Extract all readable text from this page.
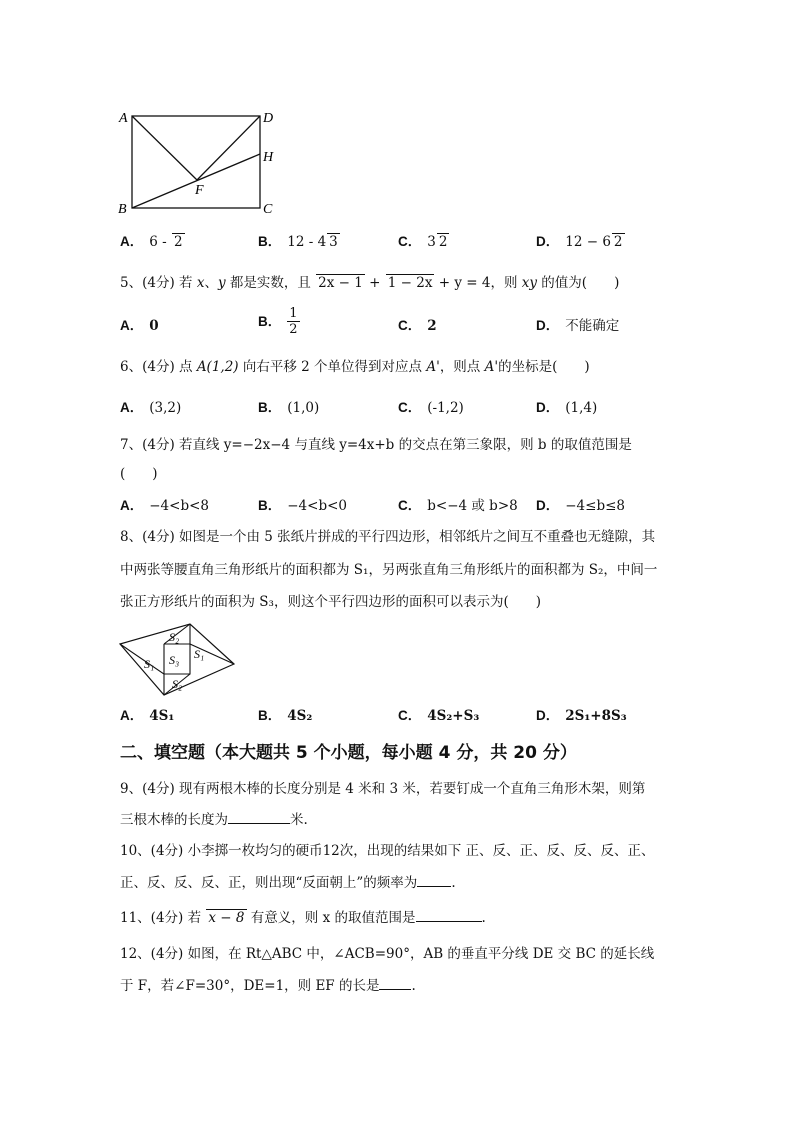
A	D
H
F
B	C
A． 6 - 2	B． 12 - 4 3	C． 3 2	D． 12 − 6 2
5、(4分) 若 x、y 都是实数，且 2x − 1 + 1 − 2x + y = 4，则 xy 的值为(　　)
A． 0	B． $\frac{1}{2}$	C． 2	D． 不能确定
6、(4分) 点 A(1,2) 向右平移 2 个单位得到对应点 A'，则点 A'的坐标是(　　)
A． (3,2)	B． (1,0)	C． (-1,2)	D． (1,4)
7、(4分) 若直线 y=−2x−4 与直线 y=4x+b 的交点在第三象限，则 b 的取值范围是
(　　)
A． −4<b<8	B． −4<b<0	C． b<−4 或 b>8 D． −4≤b≤8
8、(4分) 如图是一个由 5 张纸片拼成的平行四边形，相邻纸片之间互不重叠也无缝隙，其
中两张等腰直角三角形纸片的面积都为 S₁，另两张直角三角形纸片的面积都为 S₂，中间一
张正方形纸片的面积为 S₃，则这个平行四边形的面积可以表示为(　　)
S₁
S₂
S₃ S₁
S₂
A． 4S₁	B． 4S₂	C． 4S₂+S₃	D． 2S₁+8S₃
二、填空题（本大题共 5 个小题，每小题 4 分，共 20 分）
9、(4分) 现有两根木棒的长度分别是 4 米和 3 米，若要钉成一个直角三角形木架，则第
三根木棒的长度为	米.
10、(4分) 小李掷一枚均匀的硬币12次，出现的结果如下 正、反、正、反、反、反、正、
正、反、反、反、正，则出现“反面朝上”的频率为	.
11、(4分) 若 x − 8 有意义，则 x 的取值范围是	.
12、(4分) 如图，在 Rt△ABC 中，∠ACB=90°，AB 的垂直平分线 DE 交 BC 的延长线
于 F，若∠F=30°，DE=1，则 EF 的长是 .
